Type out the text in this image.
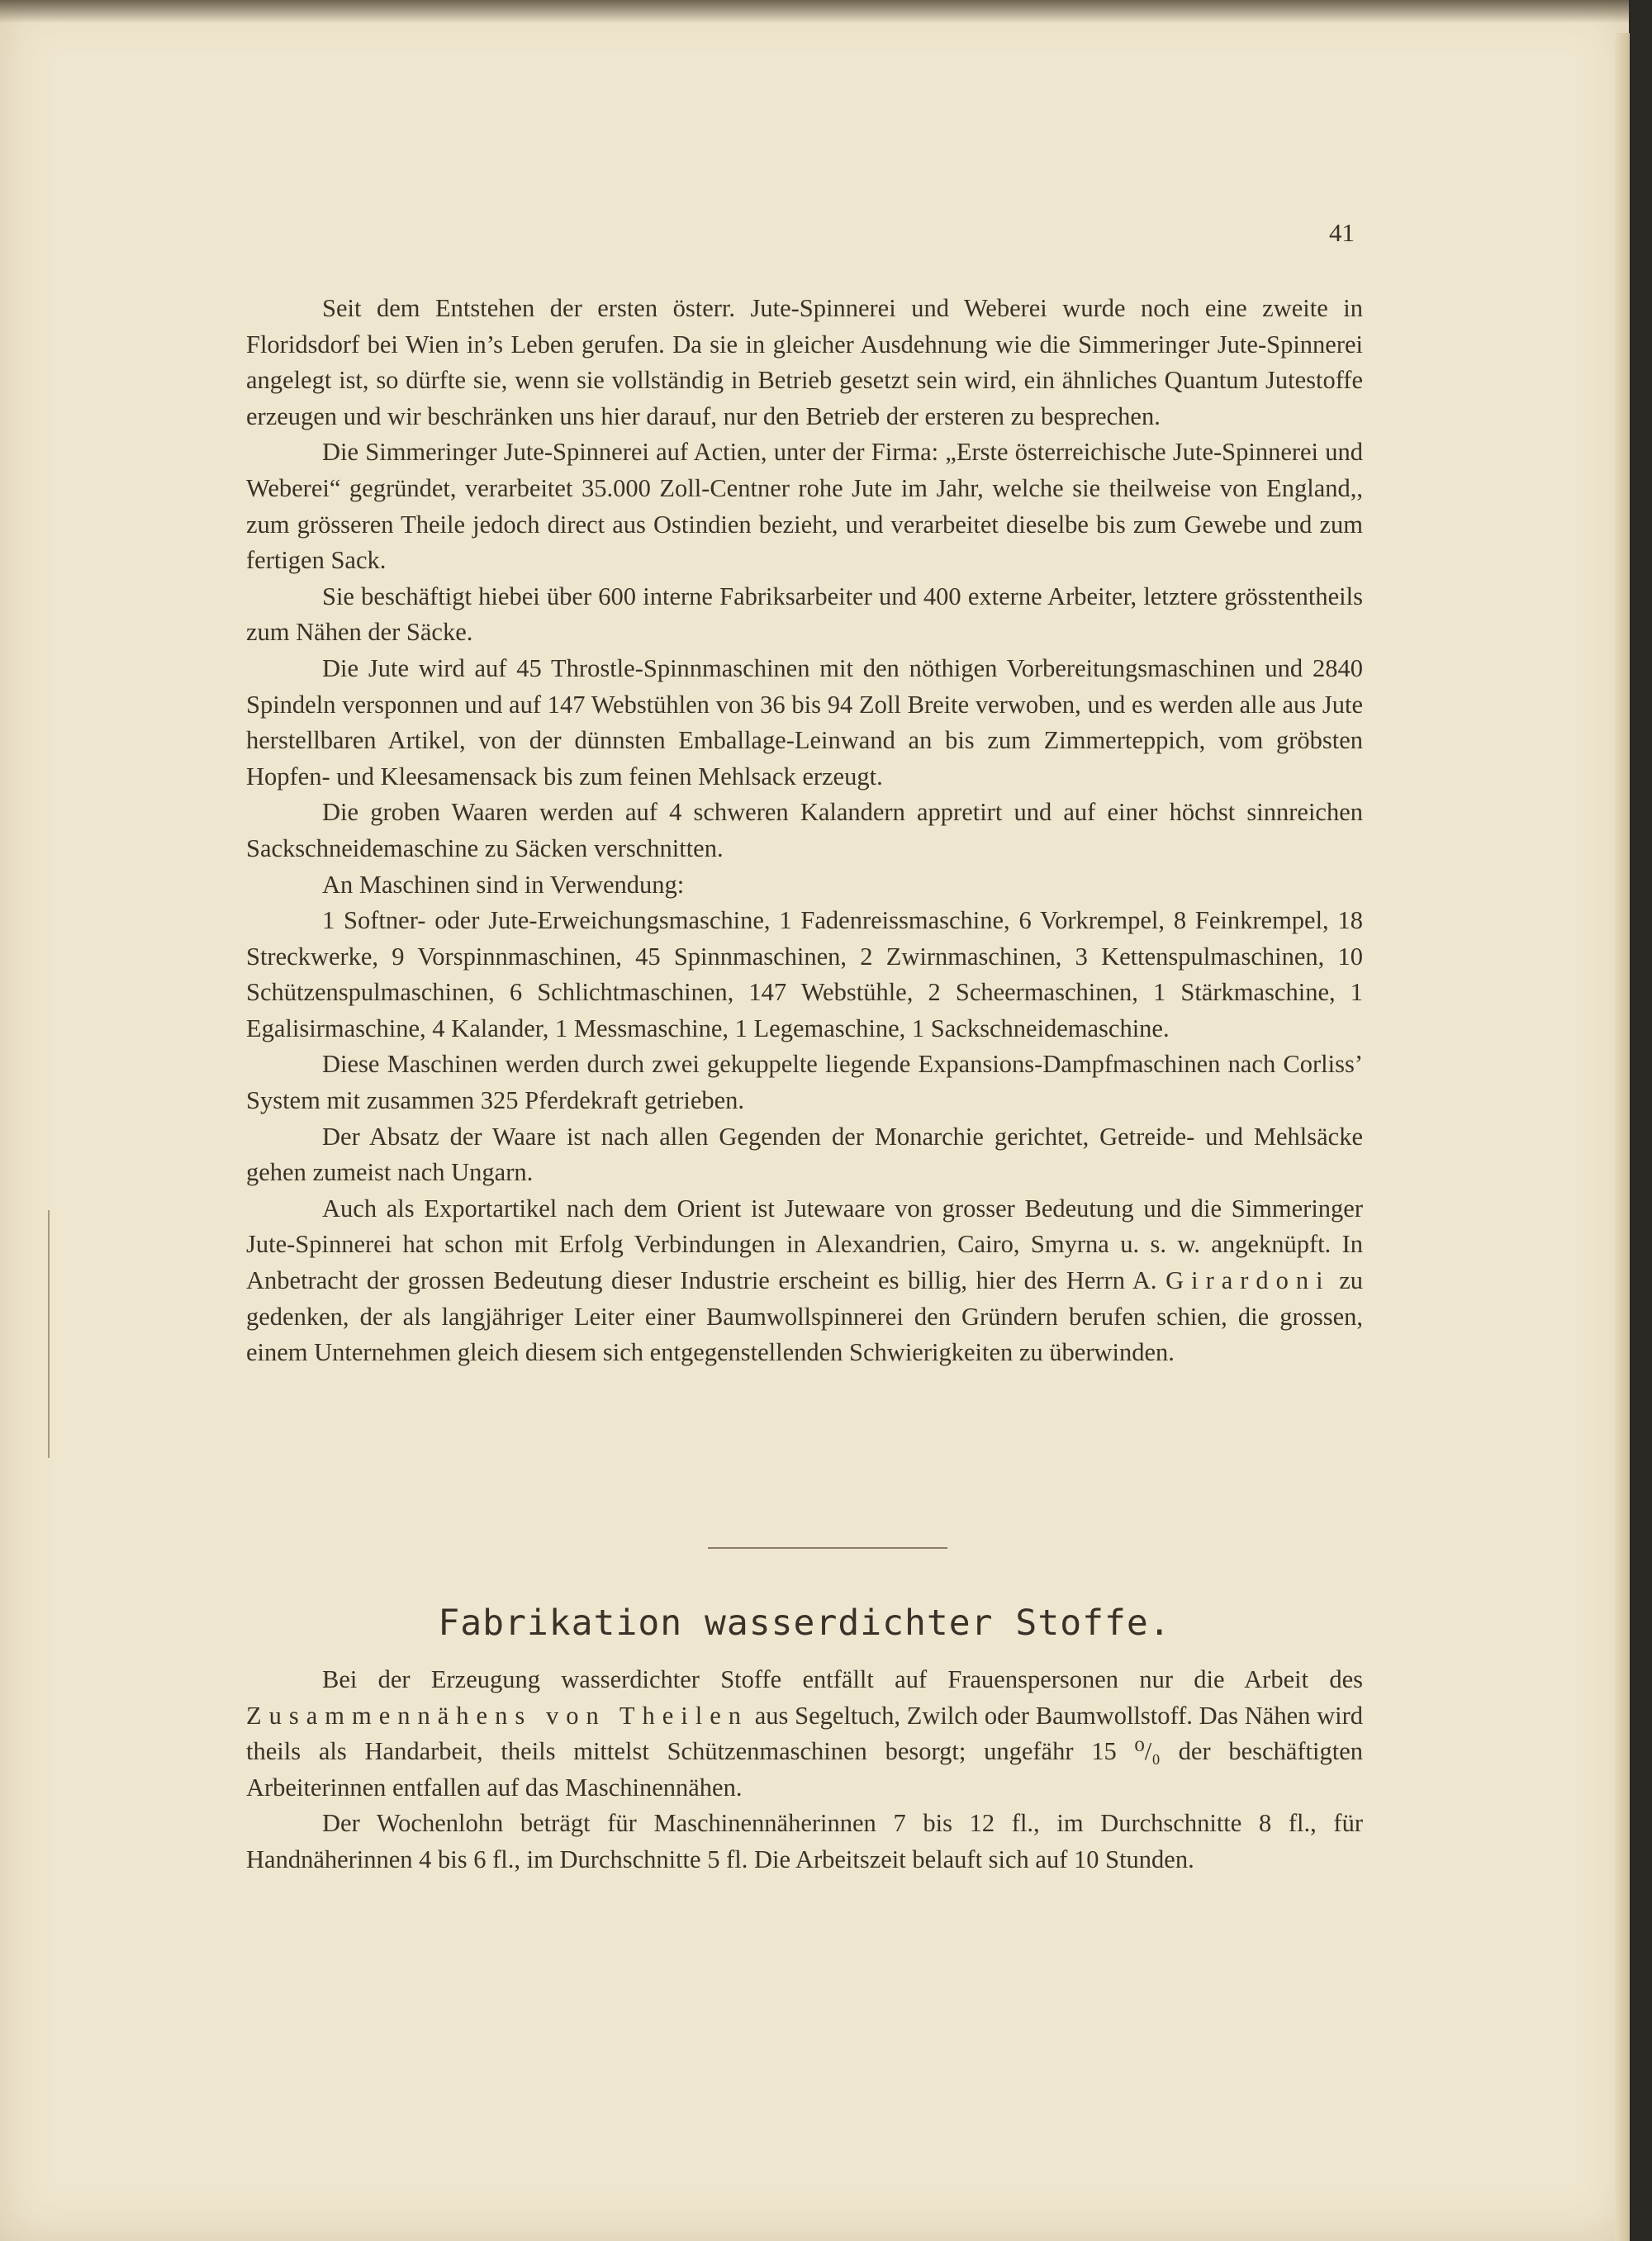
41

Seit dem Entstehen der ersten österr. Jute-Spinnerei und Weberei wurde noch eine zweite in Floridsdorf bei Wien in’s Leben gerufen. Da sie in gleicher Ausdehnung wie die Simmeringer Jute-Spinnerei angelegt ist, so dürfte sie, wenn sie vollständig in Betrieb gesetzt sein wird, ein ähnliches Quantum Jutestoffe erzeugen und wir beschränken uns hier darauf, nur den Betrieb der ersteren zu besprechen.

Die Simmeringer Jute-Spinnerei auf Actien, unter der Firma: „Erste österreichische Jute-Spinnerei und Weberei“ gegründet, verarbeitet 35.000 Zoll-Centner rohe Jute im Jahr, welche sie theilweise von England,, zum grösseren Theile jedoch direct aus Ostindien bezieht, und verarbeitet dieselbe bis zum Gewebe und zum fertigen Sack.

Sie beschäftigt hiebei über 600 interne Fabriksarbeiter und 400 externe Arbeiter, letztere grösstentheils zum Nähen der Säcke.

Die Jute wird auf 45 Throstle-Spinnmaschinen mit den nöthigen Vorbereitungsmaschinen und 2840 Spindeln versponnen und auf 147 Webstühlen von 36 bis 94 Zoll Breite verwoben, und es werden alle aus Jute herstellbaren Artikel, von der dünnsten Emballage-Leinwand an bis zum Zimmerteppich, vom gröbsten Hopfen- und Kleesamensack bis zum feinen Mehlsack erzeugt.

Die groben Waaren werden auf 4 schweren Kalandern appretirt und auf einer höchst sinnreichen Sackschneidemaschine zu Säcken verschnitten.

An Maschinen sind in Verwendung:

1 Softner- oder Jute-Erweichungsmaschine, 1 Fadenreissmaschine, 6 Vorkrempel, 8 Feinkrempel, 18 Streckwerke, 9 Vorspinnmaschinen, 45 Spinnmaschinen, 2 Zwirnmaschinen, 3 Kettenspulmaschinen, 10 Schützenspulmaschinen, 6 Schlichtmaschinen, 147 Webstühle, 2 Scheermaschinen, 1 Stärkmaschine, 1 Egalisirmaschine, 4 Kalander, 1 Messmaschine, 1 Legemaschine, 1 Sackschneidemaschine.

Diese Maschinen werden durch zwei gekuppelte liegende Expansions-Dampfmaschinen nach Corliss’ System mit zusammen 325 Pferdekraft getrieben.

Der Absatz der Waare ist nach allen Gegenden der Monarchie gerichtet, Getreide- und Mehlsäcke gehen zumeist nach Ungarn.

Auch als Exportartikel nach dem Orient ist Jutewaare von grosser Bedeutung und die Simmeringer Jute-Spinnerei hat schon mit Erfolg Verbindungen in Alexandrien, Cairo, Smyrna u. s. w. angeknüpft. In Anbetracht der grossen Bedeutung dieser Industrie erscheint es billig, hier des Herrn A. Girardoni zu gedenken, der als langjähriger Leiter einer Baumwollspinnerei den Gründern berufen schien, die grossen, einem Unternehmen gleich diesem sich entgegenstellenden Schwierigkeiten zu überwinden.

Fabrikation wasserdichter Stoffe.

Bei der Erzeugung wasserdichter Stoffe entfällt auf Frauenspersonen nur die Arbeit des Zusammennähens von Theilen aus Segeltuch, Zwilch oder Baumwollstoff. Das Nähen wird theils als Handarbeit, theils mittelst Schützenmaschinen besorgt; ungefähr 15 ⁰/₀ der beschäftigten Arbeiterinnen entfallen auf das Maschinennähen.

Der Wochenlohn beträgt für Maschinennäherinnen 7 bis 12 fl., im Durchschnitte 8 fl., für Handnäherinnen 4 bis 6 fl., im Durchschnitte 5 fl. Die Arbeitszeit belauft sich auf 10 Stunden.
